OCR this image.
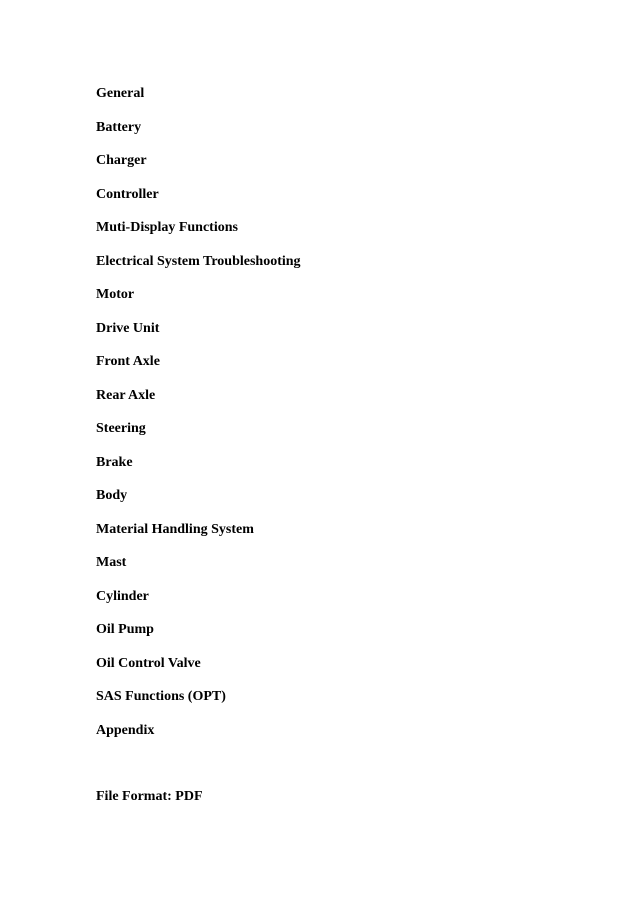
General
Battery
Charger
Controller
Muti-Display Functions
Electrical System Troubleshooting
Motor
Drive Unit
Front Axle
Rear Axle
Steering
Brake
Body
Material Handling System
Mast
Cylinder
Oil Pump
Oil Control Valve
SAS Functions (OPT)
Appendix
File Format: PDF
